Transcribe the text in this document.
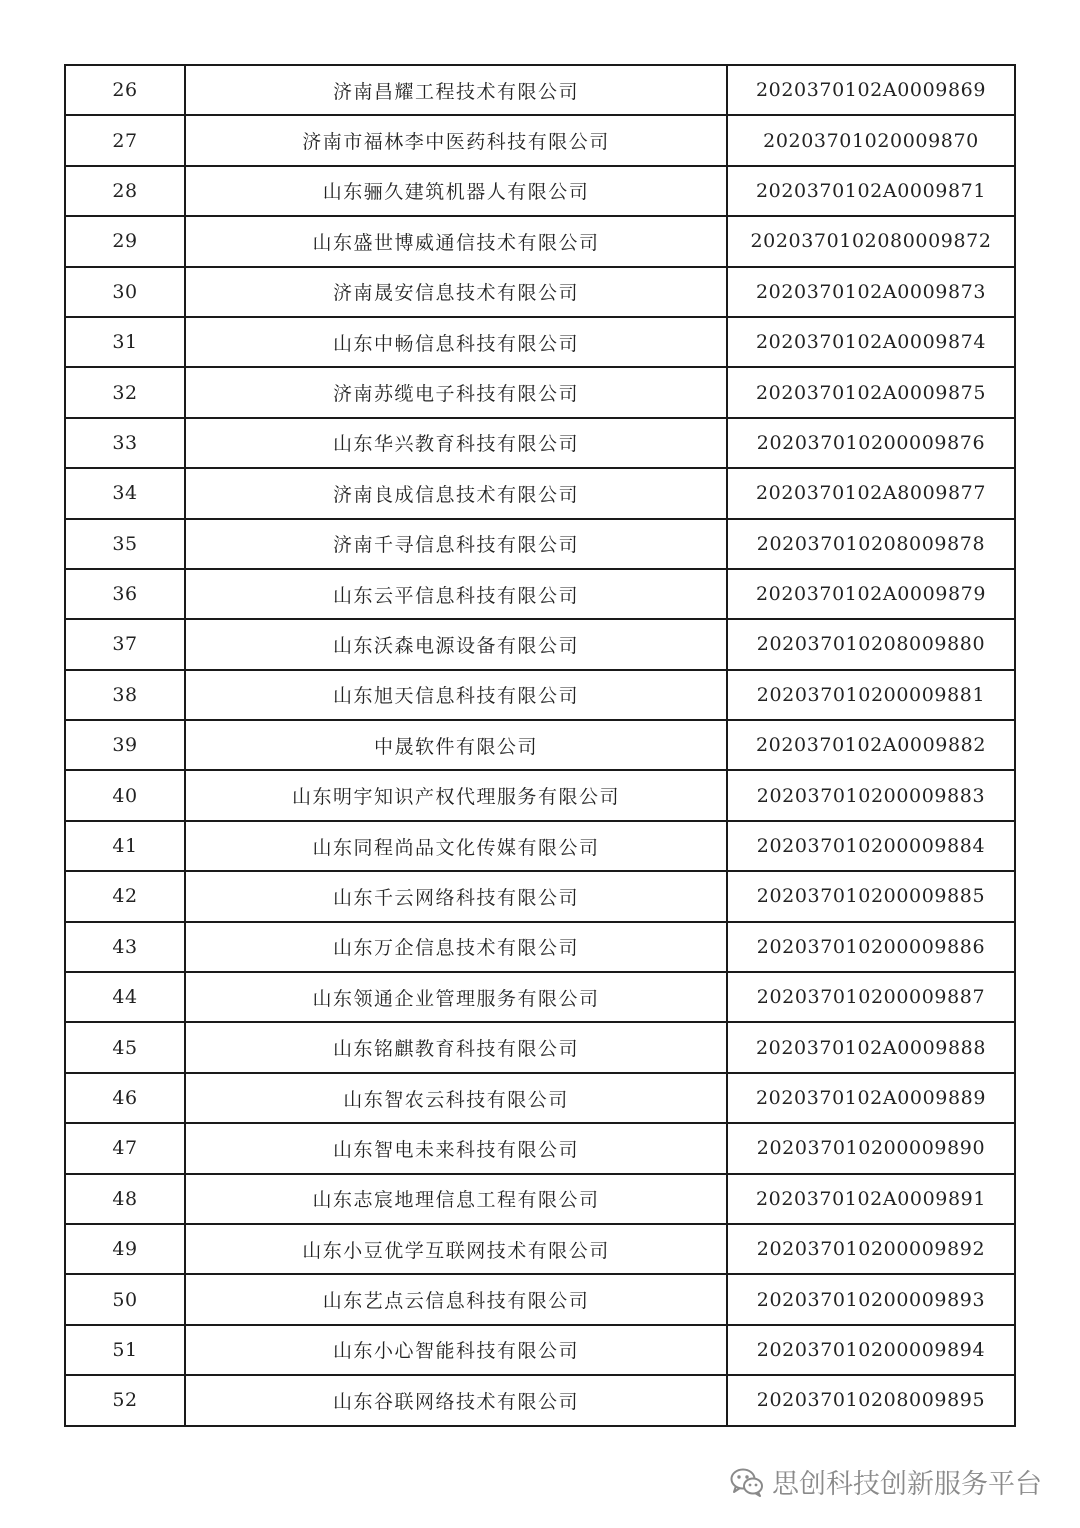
26	济南昌耀工程技术有限公司	2020370102A0009869
27	济南市福林李中医药科技有限公司	20203701020009870
28	山东骊久建筑机器人有限公司	2020370102A0009871
29	山东盛世博威通信技术有限公司	20203701020800098​72
30	济南晟安信息技术有限公司	2020370102A0009873
31	山东中畅信息科技有限公司	2020370102A0009874
32	济南苏缆电子科技有限公司	2020370102A0009875
33	山东华兴教育科技有限公司	20203701020000987​6
34	济南良成信息技术有限公司	2020370102A8009877
35	济南千寻信息科技有限公司	2020370102080098​78
36	山东云平信息科技有限公司	2020370102A0009879
37	山东沃森电源设备有限公司	2020370102080098​80
38	山东旭天信息科技有限公司	20203701020000988​1
39	中晟软件有限公司	2020370102A0009882
40	山东明宇知识产权代理服务有限公司	20203701020000988​3
41	山东同程尚品文化传媒有限公司	20203701020000988​4
42	山东千云网络科技有限公司	20203701020000988​5
43	山东万企信息技术有限公司	20203701020000988​6
44	山东领通企业管理服务有限公司	20203701020000988​7
45	山东铭麒教育科技有限公司	2020370102A0009888
46	山东智农云科技有限公司	2020370102A0009889
47	山东智电未来科技有限公司	20203701020000989​0
48	山东志宸地理信息工程有限公司	2020370102A0009891
49	山东小豆优学互联网技术有限公司	20203701020000989​2
50	山东艺点云信息科技有限公司	20203701020000989​3
51	山东小心智能科技有限公司	20203701020000989​4
52	山东谷联网络技术有限公司	2020370102080098​95
思创科技创新服务平台
